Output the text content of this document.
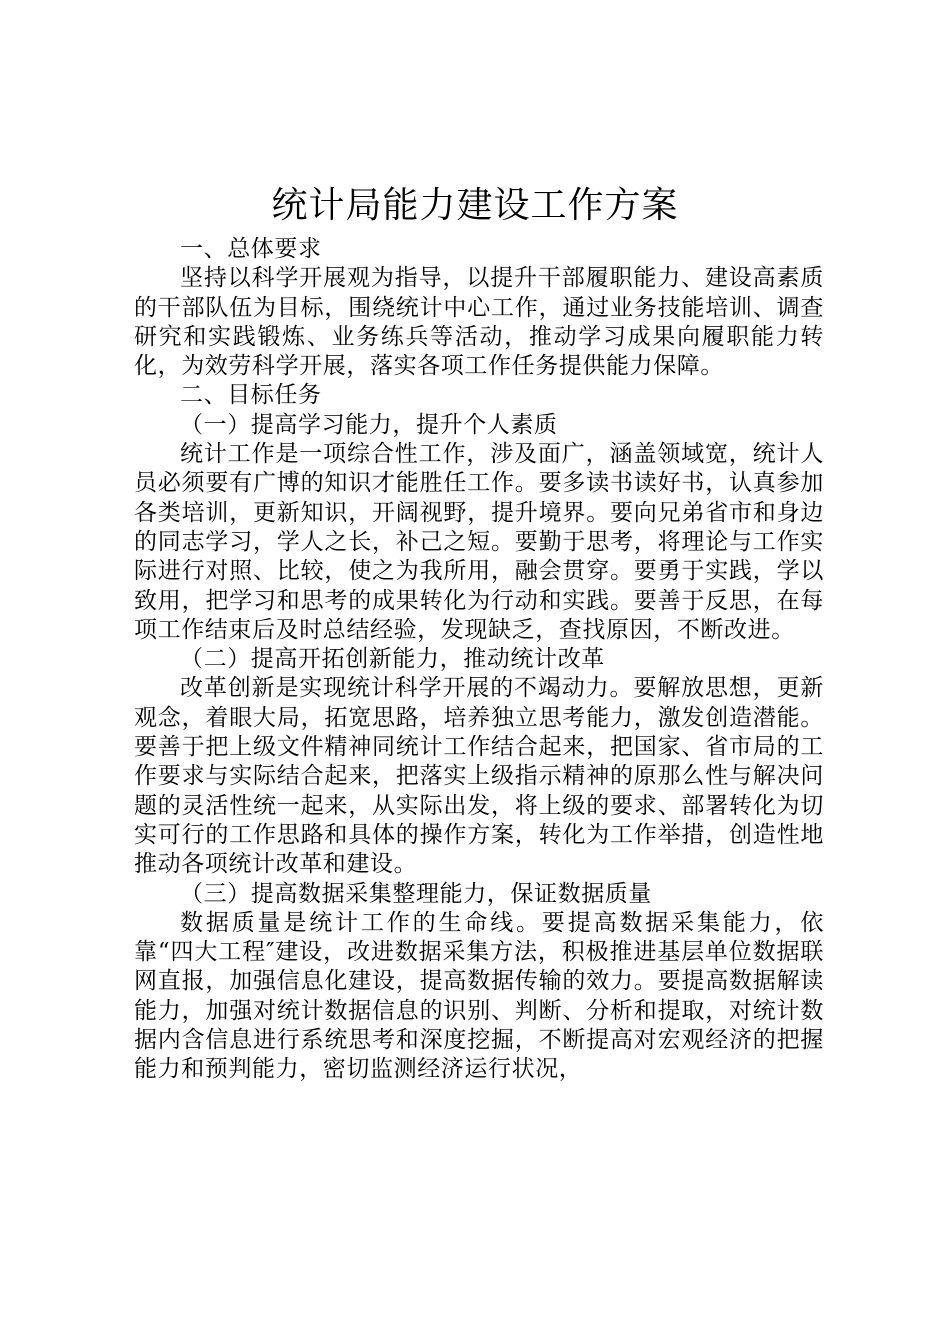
统计局能力建设工作方案

一、总体要求

坚持以科学开展观为指导，以提升干部履职能力、建设高素质的干部队伍为目标，围绕统计中心工作，通过业务技能培训、调查研究和实践锻炼、业务练兵等活动，推动学习成果向履职能力转化，为效劳科学开展，落实各项工作任务提供能力保障。

二、目标任务

（一）提高学习能力，提升个人素质

统计工作是一项综合性工作，涉及面广，涵盖领域宽，统计人员必须要有广博的知识才能胜任工作。要多读书读好书，认真参加各类培训，更新知识，开阔视野，提升境界。要向兄弟省市和身边的同志学习，学人之长，补己之短。要勤于思考，将理论与工作实际进行对照、比较，使之为我所用，融会贯穿。要勇于实践，学以致用，把学习和思考的成果转化为行动和实践。要善于反思，在每项工作结束后及时总结经验，发现缺乏，查找原因，不断改进。

（二）提高开拓创新能力，推动统计改革

改革创新是实现统计科学开展的不竭动力。要解放思想，更新观念，着眼大局，拓宽思路，培养独立思考能力，激发创造潜能。要善于把上级文件精神同统计工作结合起来，把国家、省市局的工作要求与实际结合起来，把落实上级指示精神的原那么性与解决问题的灵活性统一起来，从实际出发，将上级的要求、部署转化为切实可行的工作思路和具体的操作方案，转化为工作举措，创造性地推动各项统计改革和建设。

（三）提高数据采集整理能力，保证数据质量

数据质量是统计工作的生命线。要提高数据采集能力，依靠“四大工程″建设，改进数据采集方法，积极推进基层单位数据联网直报，加强信息化建设，提高数据传输的效力。要提高数据解读能力，加强对统计数据信息的识别、判断、分析和提取，对统计数据内含信息进行系统思考和深度挖掘，不断提高对宏观经济的把握能力和预判能力，密切监测经济运行状况，
